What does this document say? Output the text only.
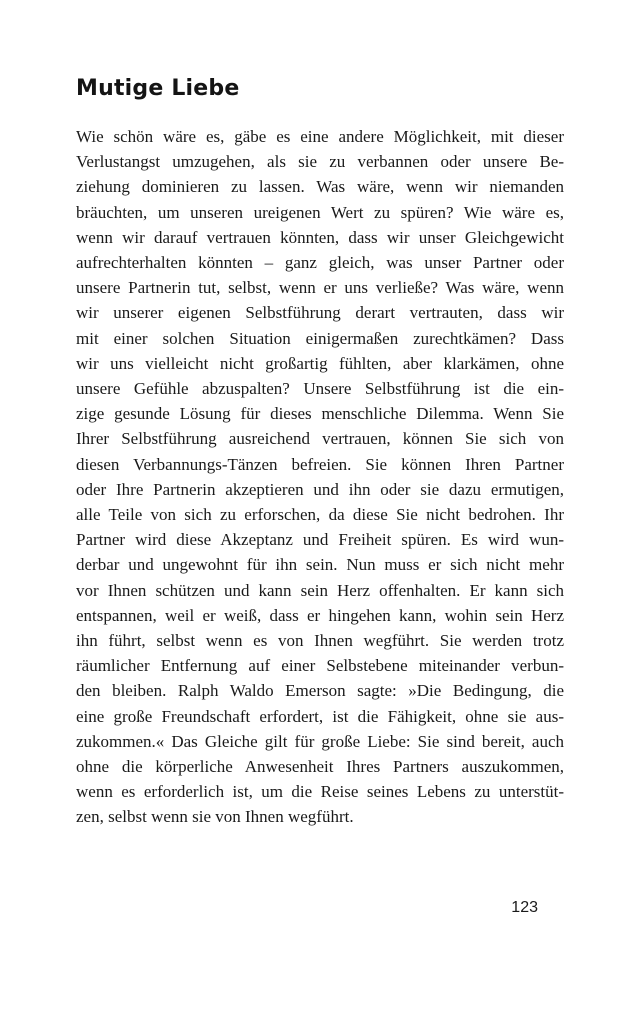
Mutige Liebe
Wie schön wäre es, gäbe es eine andere Möglichkeit, mit dieser
Verlustangst umzugehen, als sie zu verbannen oder unsere Be-
ziehung dominieren zu lassen. Was wäre, wenn wir niemanden
bräuchten, um unseren ureigenen Wert zu spüren? Wie wäre es,
wenn wir darauf vertrauen könnten, dass wir unser Gleichgewicht
aufrechterhalten könnten – ganz gleich, was unser Partner oder
unsere Partnerin tut, selbst, wenn er uns verließe? Was wäre, wenn
wir unserer eigenen Selbstführung derart vertrauten, dass wir
mit einer solchen Situation einigermaßen zurechtkämen? Dass
wir uns vielleicht nicht großartig fühlten, aber klarkämen, ohne
unsere Gefühle abzuspalten? Unsere Selbstführung ist die ein-
zige gesunde Lösung für dieses menschliche Dilemma. Wenn Sie
Ihrer Selbstführung ausreichend vertrauen, können Sie sich von
diesen Verbannungs-Tänzen befreien. Sie können Ihren Partner
oder Ihre Partnerin akzeptieren und ihn oder sie dazu ermutigen,
alle Teile von sich zu erforschen, da diese Sie nicht bedrohen. Ihr
Partner wird diese Akzeptanz und Freiheit spüren. Es wird wun-
derbar und ungewohnt für ihn sein. Nun muss er sich nicht mehr
vor Ihnen schützen und kann sein Herz offenhalten. Er kann sich
entspannen, weil er weiß, dass er hingehen kann, wohin sein Herz
ihn führt, selbst wenn es von Ihnen wegführt. Sie werden trotz
räumlicher Entfernung auf einer Selbstebene miteinander verbun-
den bleiben. Ralph Waldo Emerson sagte: »Die Bedingung, die
eine große Freundschaft erfordert, ist die Fähigkeit, ohne sie aus-
zukommen.« Das Gleiche gilt für große Liebe: Sie sind bereit, auch
ohne die körperliche Anwesenheit Ihres Partners auszukommen,
wenn es erforderlich ist, um die Reise seines Lebens zu unterstüt-
zen, selbst wenn sie von Ihnen wegführt.
123
